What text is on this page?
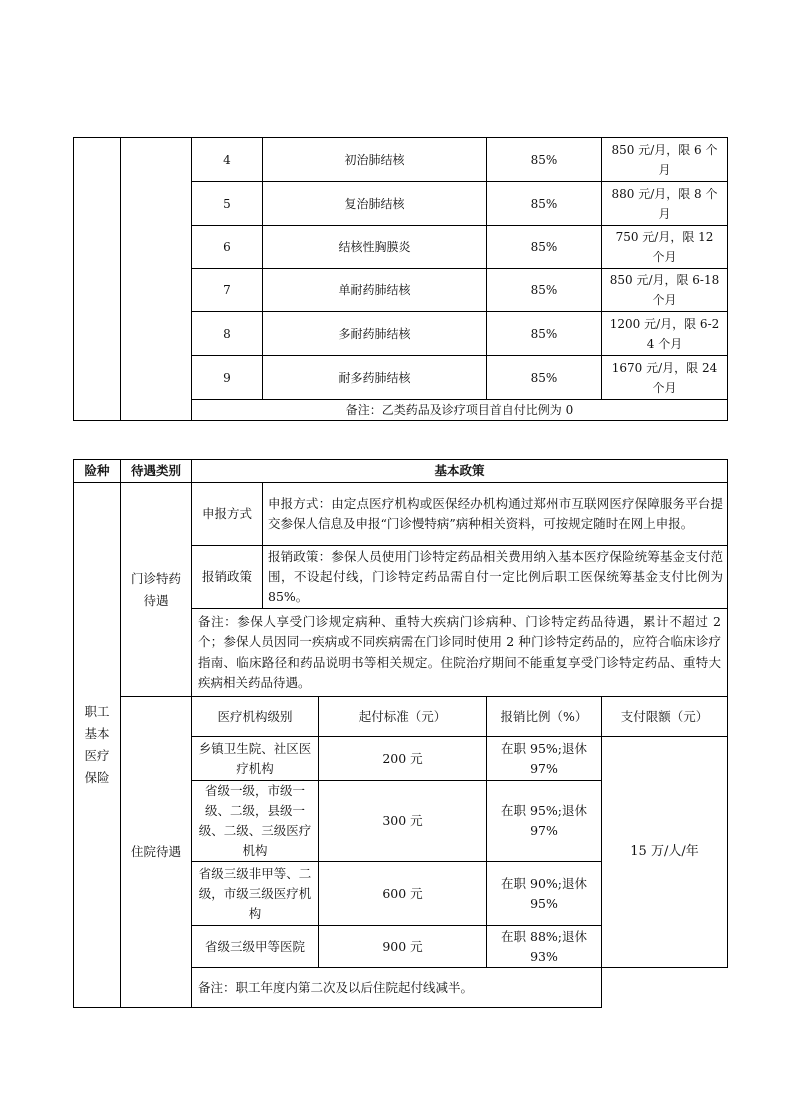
		4	初治肺结核	85%	850 元/月，限 6 个月
		5	复治肺结核	85%	880 元/月，限 8 个月
		6	结核性胸膜炎	85%	750 元/月，限 12 个月
		7	单耐药肺结核	85%	850 元/月，限 6-18 个月
		8	多耐药肺结核	85%	1200 元/月，限 6-24 个月
		9	耐多药肺结核	85%	1670 元/月，限 24 个月
		备注：乙类药品及诊疗项目首自付比例为 0			
险种	待遇类别	基本政策				

职工基本医疗保险	门诊特药待遇	申报方式	申报方式：由定点医疗机构或医保经办机构通过郑州市互联网医疗保障服务平台提交参保人信息及申报“门诊慢特病”病种相关资料，可按规定随时在网上申报。			
		报销政策	报销政策：参保人员使用门诊特定药品相关费用纳入基本医疗保险统筹基金支付范围，不设起付线，门诊特定药品需自付一定比例后职工医保统筹基金支付比例为 85%。			
		备注：参保人享受门诊规定病种、重特大疾病门诊病种、门诊特定药品待遇，累计不超过 2 个；参保人员因同一疾病或不同疾病需在门诊同时使用 2 种门诊特定药品的，应符合临床诊疗指南、临床路径和药品说明书等相关规定。住院治疗期间不能重复享受门诊特定药品、重特大疾病相关药品待遇。				

	住院待遇	医疗机构级别		起付标准（元）	报销比例（%）	支付限额（元）
		乡镇卫生院、社区医疗机构		200 元	在职 95%;退休 97%	15 万/人/年
		省级一级，市级一级、二级，县级一级、二级、三级医疗机构		300 元	在职 95%;退休 97%	
		省级三级非甲等、二级，市级三级医疗机构		600 元	在职 90%;退休 95%	
		省级三级甲等医院		900 元	在职 88%;退休 93%	
		备注：职工年度内第二次及以后住院起付线减半。				
